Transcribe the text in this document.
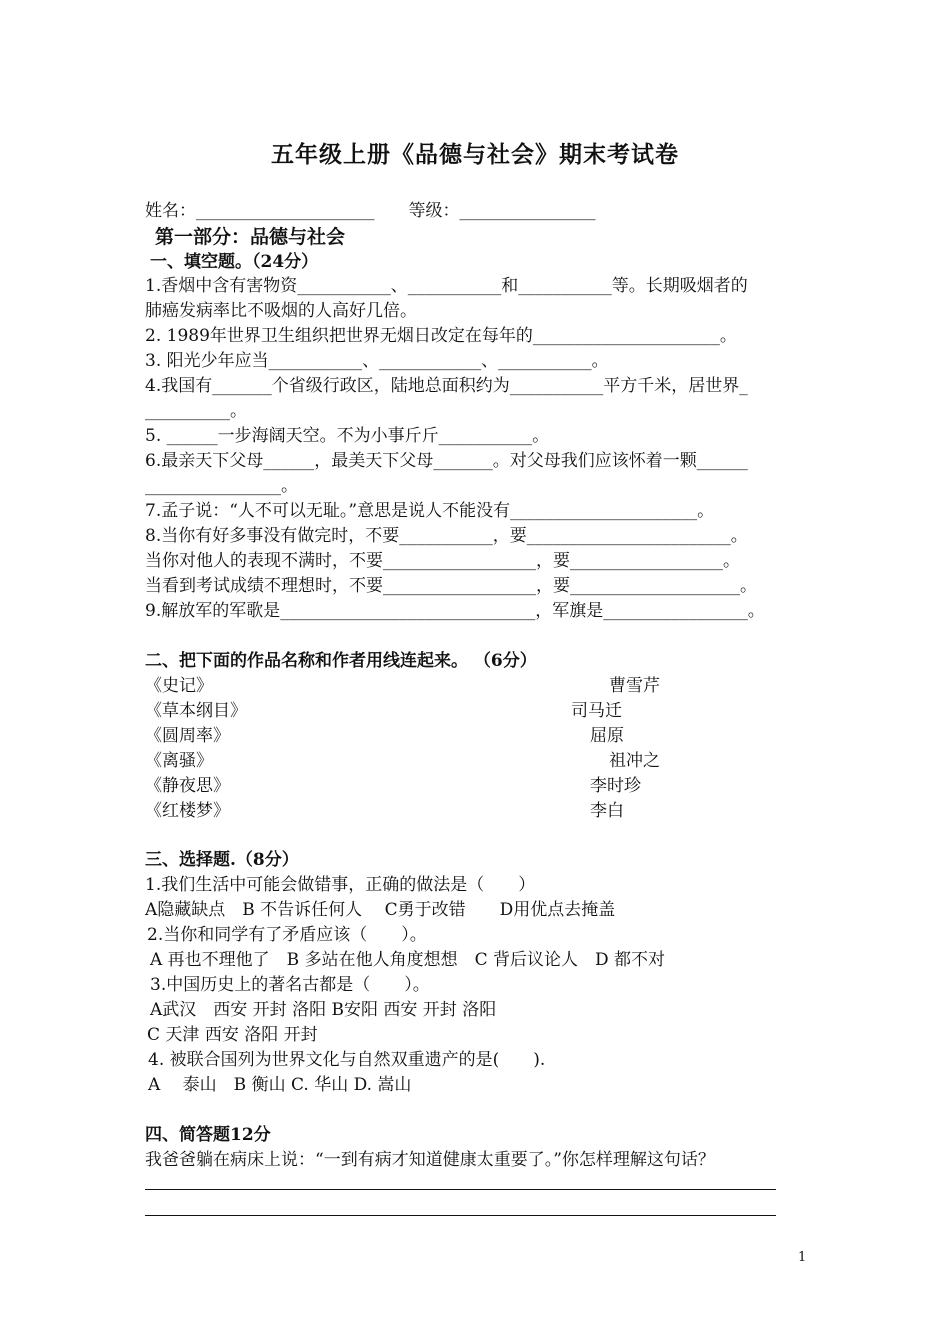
五年级上册《品德与社会》期末考试卷
姓名：_____________________　　等级：________________
第一部分：品德与社会
一、填空题。（24分）
1.香烟中含有害物资___________、___________和___________等。长期吸烟者的
肺癌发病率比不吸烟的人高好几倍。
2. 1989年世界卫生组织把世界无烟日改定在每年的______________________。
3. 阳光少年应当___________、____________、___________。
4.我国有_______个省级行政区，陆地总面积约为___________平方千米，居世界_
__________。
5. ______一步海阔天空。不为小事斤斤___________。
6.最亲天下父母______，最美天下父母_______。对父母我们应该怀着一颗______
________________。
7.孟子说：“人不可以无耻。”意思是说人不能没有______________________。
8.当你有好多事没有做完时，不要___________，要________________________。
当你对他人的表现不满时，不要__________________，要__________________。
当看到考试成绩不理想时，不要__________________，要____________________。
9.解放军的军歌是______________________________，军旗是_________________。
二、把下面的作品名称和作者用线连起来。 （6分）
《史记》
《草本纲目》
《圆周率》
《离骚》
《静夜思》
《红楼梦》
曹雪芹
司马迁
屈原
祖冲之
李时珍
李白
三、选择题.（8分）
1.我们生活中可能会做错事，正确的做法是（　　）
A隐藏缺点　B 不告诉任何人　 C勇于改错　　D用优点去掩盖
2.当你和同学有了矛盾应该（　　）。
A 再也不理他了　B 多站在他人角度想想　C 背后议论人　D 都不对
3.中国历史上的著名古都是（　　）。
A武汉　西安 开封 洛阳 B安阳 西安 开封 洛阳
C 天津 西安 洛阳 开封
4. 被联合国列为世界文化与自然双重遗产的是(　　).
A　 泰山　B 衡山 C. 华山 D. 嵩山
四、简答题12分
我爸爸躺在病床上说：“一到有病才知道健康太重要了。”你怎样理解这句话？
1
